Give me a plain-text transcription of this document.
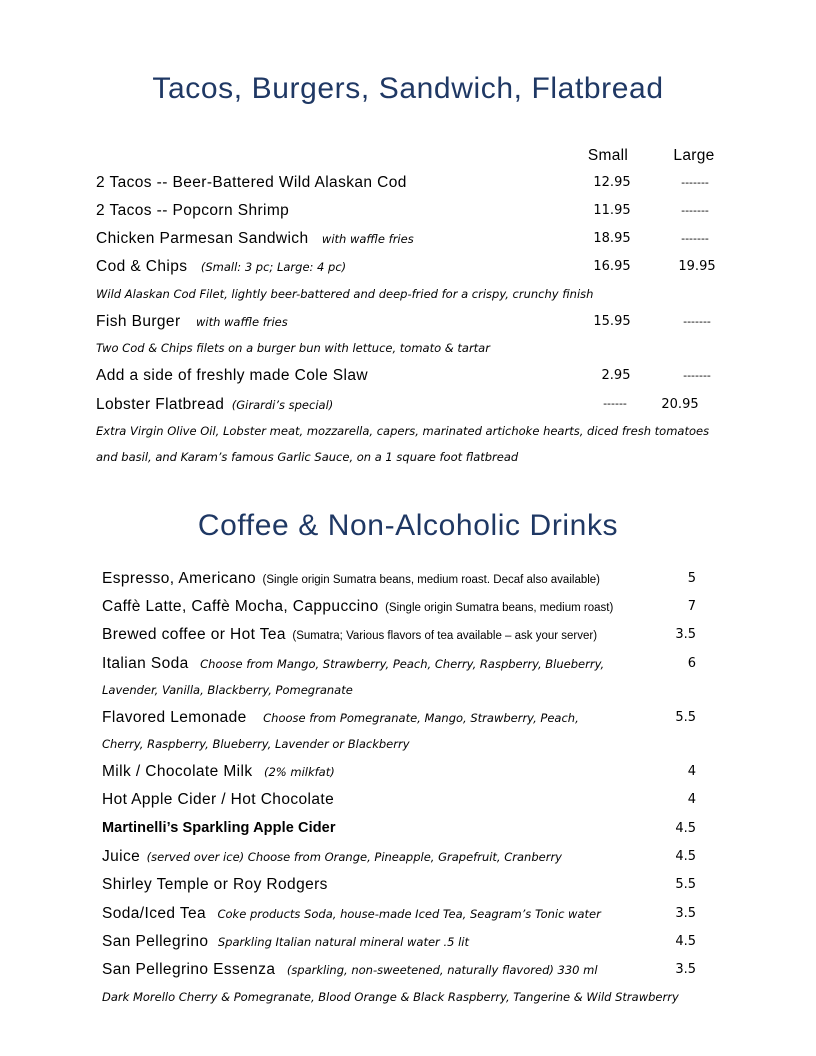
Tacos, Burgers, Sandwich, Flatbread
Small	Large
2 Tacos -- Beer-Battered Wild Alaskan Cod	12.95	-------
2 Tacos -- Popcorn Shrimp	11.95	-------
Chicken Parmesan Sandwich with waffle fries	18.95	-------
Cod & Chips (Small: 3 pc; Large: 4 pc)	16.95	19.95
Wild Alaskan Cod Filet, lightly beer-battered and deep-fried for a crispy, crunchy finish
Fish Burger with waffle fries	15.95	-------
Two Cod & Chips filets on a burger bun with lettuce, tomato & tartar
Add a side of freshly made Cole Slaw	2.95	-------
Lobster Flatbread (Girardi’s special)	------	20.95
Extra Virgin Olive Oil, Lobster meat, mozzarella, capers, marinated artichoke hearts, diced fresh tomatoes
and basil, and Karam’s famous Garlic Sauce, on a 1 square foot flatbread
Coffee & Non-Alcoholic Drinks
Espresso, Americano (Single origin Sumatra beans, medium roast. Decaf also available)	5
Caffè Latte, Caffè Mocha, Cappuccino (Single origin Sumatra beans, medium roast)	7
Brewed coffee or Hot Tea (Sumatra; Various flavors of tea available – ask your server)	3.5
Italian Soda Choose from Mango, Strawberry, Peach, Cherry, Raspberry, Blueberry,	6
Lavender, Vanilla, Blackberry, Pomegranate
Flavored Lemonade Choose from Pomegranate, Mango, Strawberry, Peach,	5.5
Cherry, Raspberry, Blueberry, Lavender or Blackberry
Milk / Chocolate Milk (2% milkfat)	4
Hot Apple Cider / Hot Chocolate	4
Martinelli’s Sparkling Apple Cider	4.5
Juice (served over ice) Choose from Orange, Pineapple, Grapefruit, Cranberry	4.5
Shirley Temple or Roy Rodgers	5.5
Soda/Iced Tea Coke products Soda, house-made Iced Tea, Seagram’s Tonic water	3.5
San Pellegrino Sparkling Italian natural mineral water .5 lit	4.5
San Pellegrino Essenza (sparkling, non-sweetened, naturally flavored) 330 ml	3.5
Dark Morello Cherry & Pomegranate, Blood Orange & Black Raspberry, Tangerine & Wild Strawberry
